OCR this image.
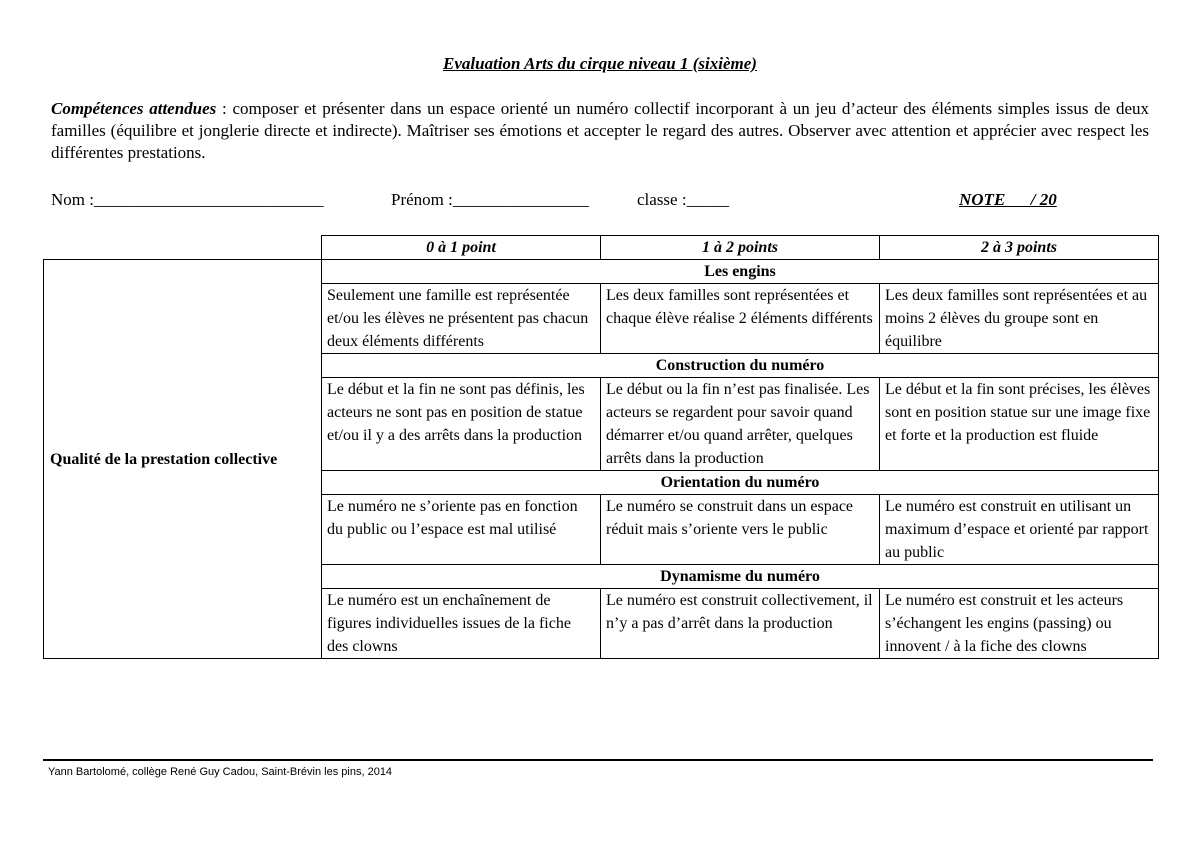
Evaluation Arts du cirque niveau 1 (sixième)
Compétences attendues : composer et présenter dans un espace orienté un numéro collectif incorporant à un jeu d’acteur des éléments simples issus de deux familles (équilibre et jonglerie directe et indirecte). Maîtriser ses émotions et accepter le regard des autres. Observer avec attention et apprécier avec respect les différentes prestations.
Nom :___________________________	Prénom :________________	classe :_____	NOTE      / 20
	0 à 1 point	1 à 2 points	2 à 3 points
Qualité de la prestation collective	Les engins		
	Seulement une famille est représentée et/ou les élèves ne présentent pas chacun deux éléments différents	Les deux familles sont représentées et chaque élève réalise 2 éléments différents	Les deux familles sont représentées et au moins 2 élèves du groupe sont en équilibre
	Construction du numéro		
	Le début et la fin ne sont pas définis, les acteurs ne sont pas en position de statue et/ou il y a des arrêts dans la production	Le début ou la fin n’est pas finalisée. Les acteurs se regardent pour savoir quand démarrer et/ou quand arrêter, quelques arrêts dans la production	Le début et la fin sont précises, les élèves sont en position statue sur une image fixe et forte et la production est fluide
	Orientation du numéro		
	Le numéro ne s’oriente pas en fonction du public ou l’espace est mal utilisé	Le numéro se construit dans un espace réduit mais s’oriente vers le public	Le numéro est construit en utilisant un maximum d’espace et orienté par rapport au public
	Dynamisme du numéro		
	Le numéro est un enchaînement de figures individuelles issues de la fiche des clowns	Le numéro est construit collectivement, il n’y a pas d’arrêt dans la production	Le numéro est construit et les acteurs s’échangent les engins (passing) ou innovent / à la fiche des clowns
Yann Bartolomé, collège René Guy Cadou, Saint-Brévin les pins, 2014
